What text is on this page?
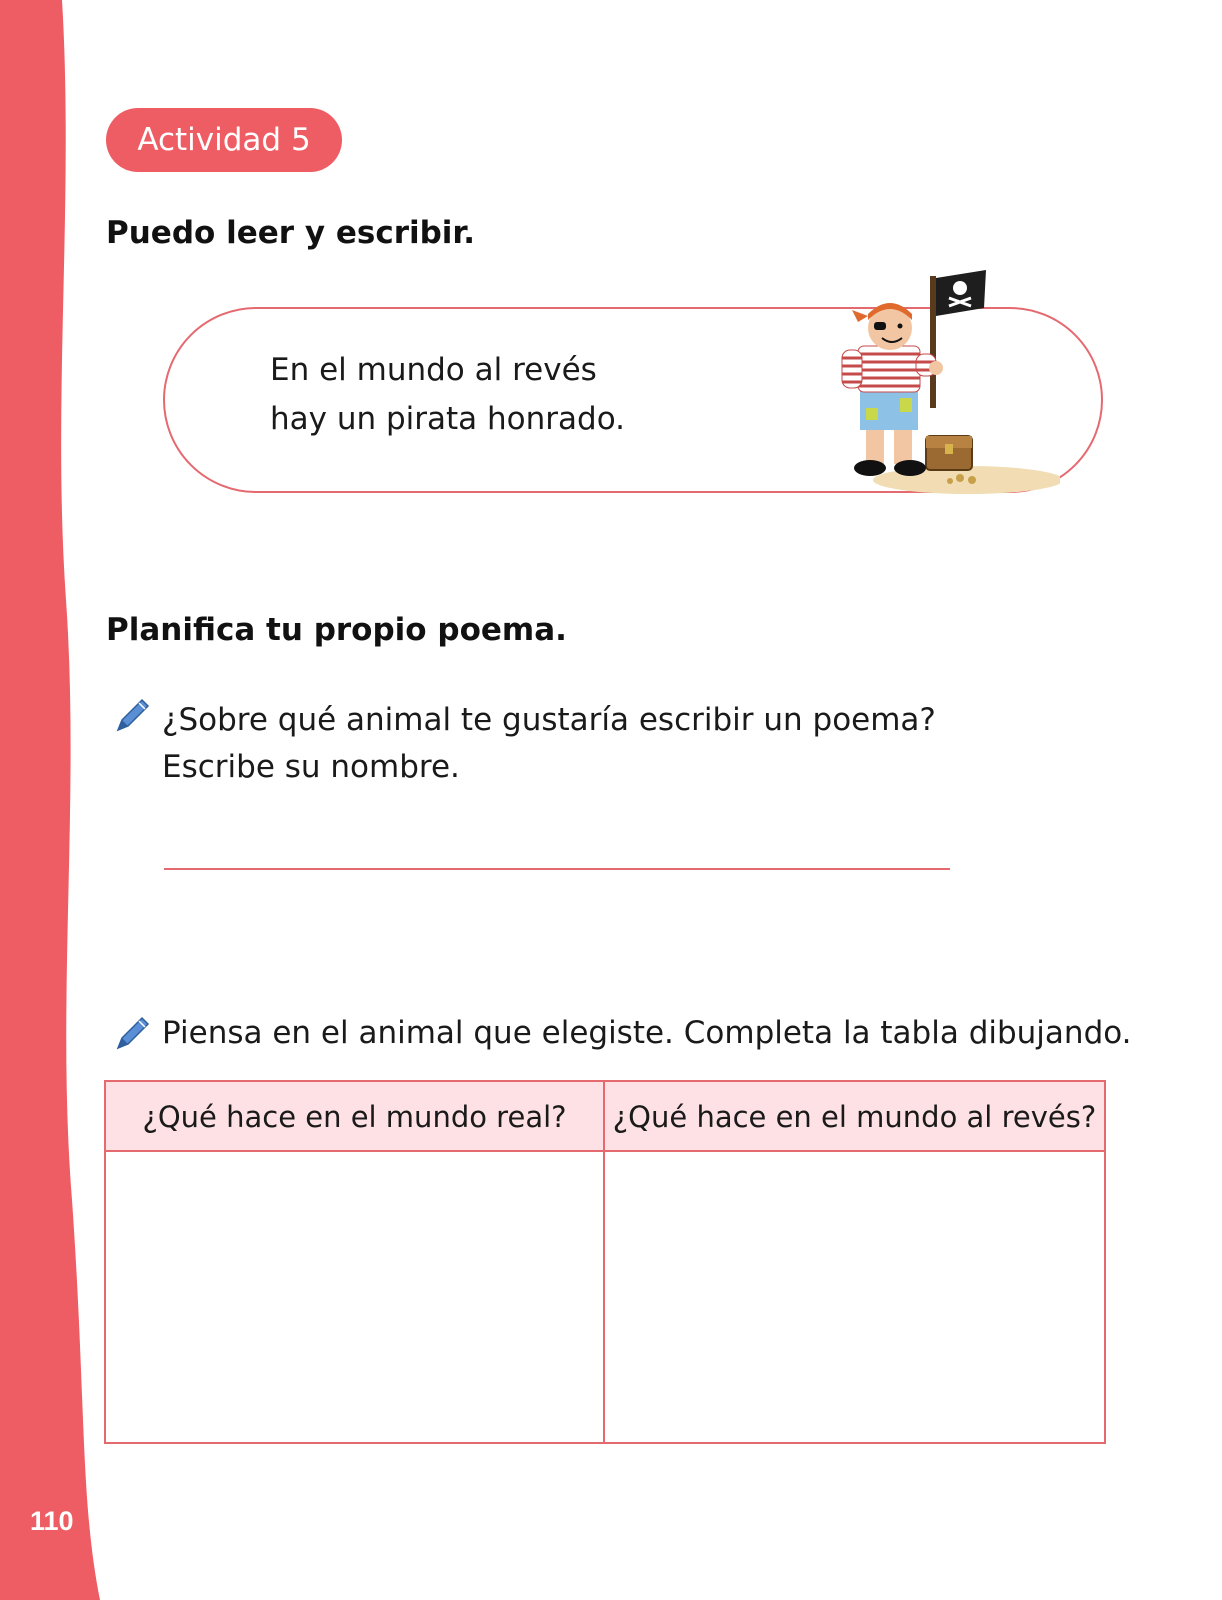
110
Actividad 5
Puedo leer y escribir.
En el mundo al revés
hay un pirata honrado.
Planifica tu propio poema.
¿Sobre qué animal te gustaría escribir un poema?
Escribe su nombre.
Piensa en el animal que elegiste. Completa la tabla dibujando.
¿Qué hace en el mundo real?	¿Qué hace en el mundo al revés?
